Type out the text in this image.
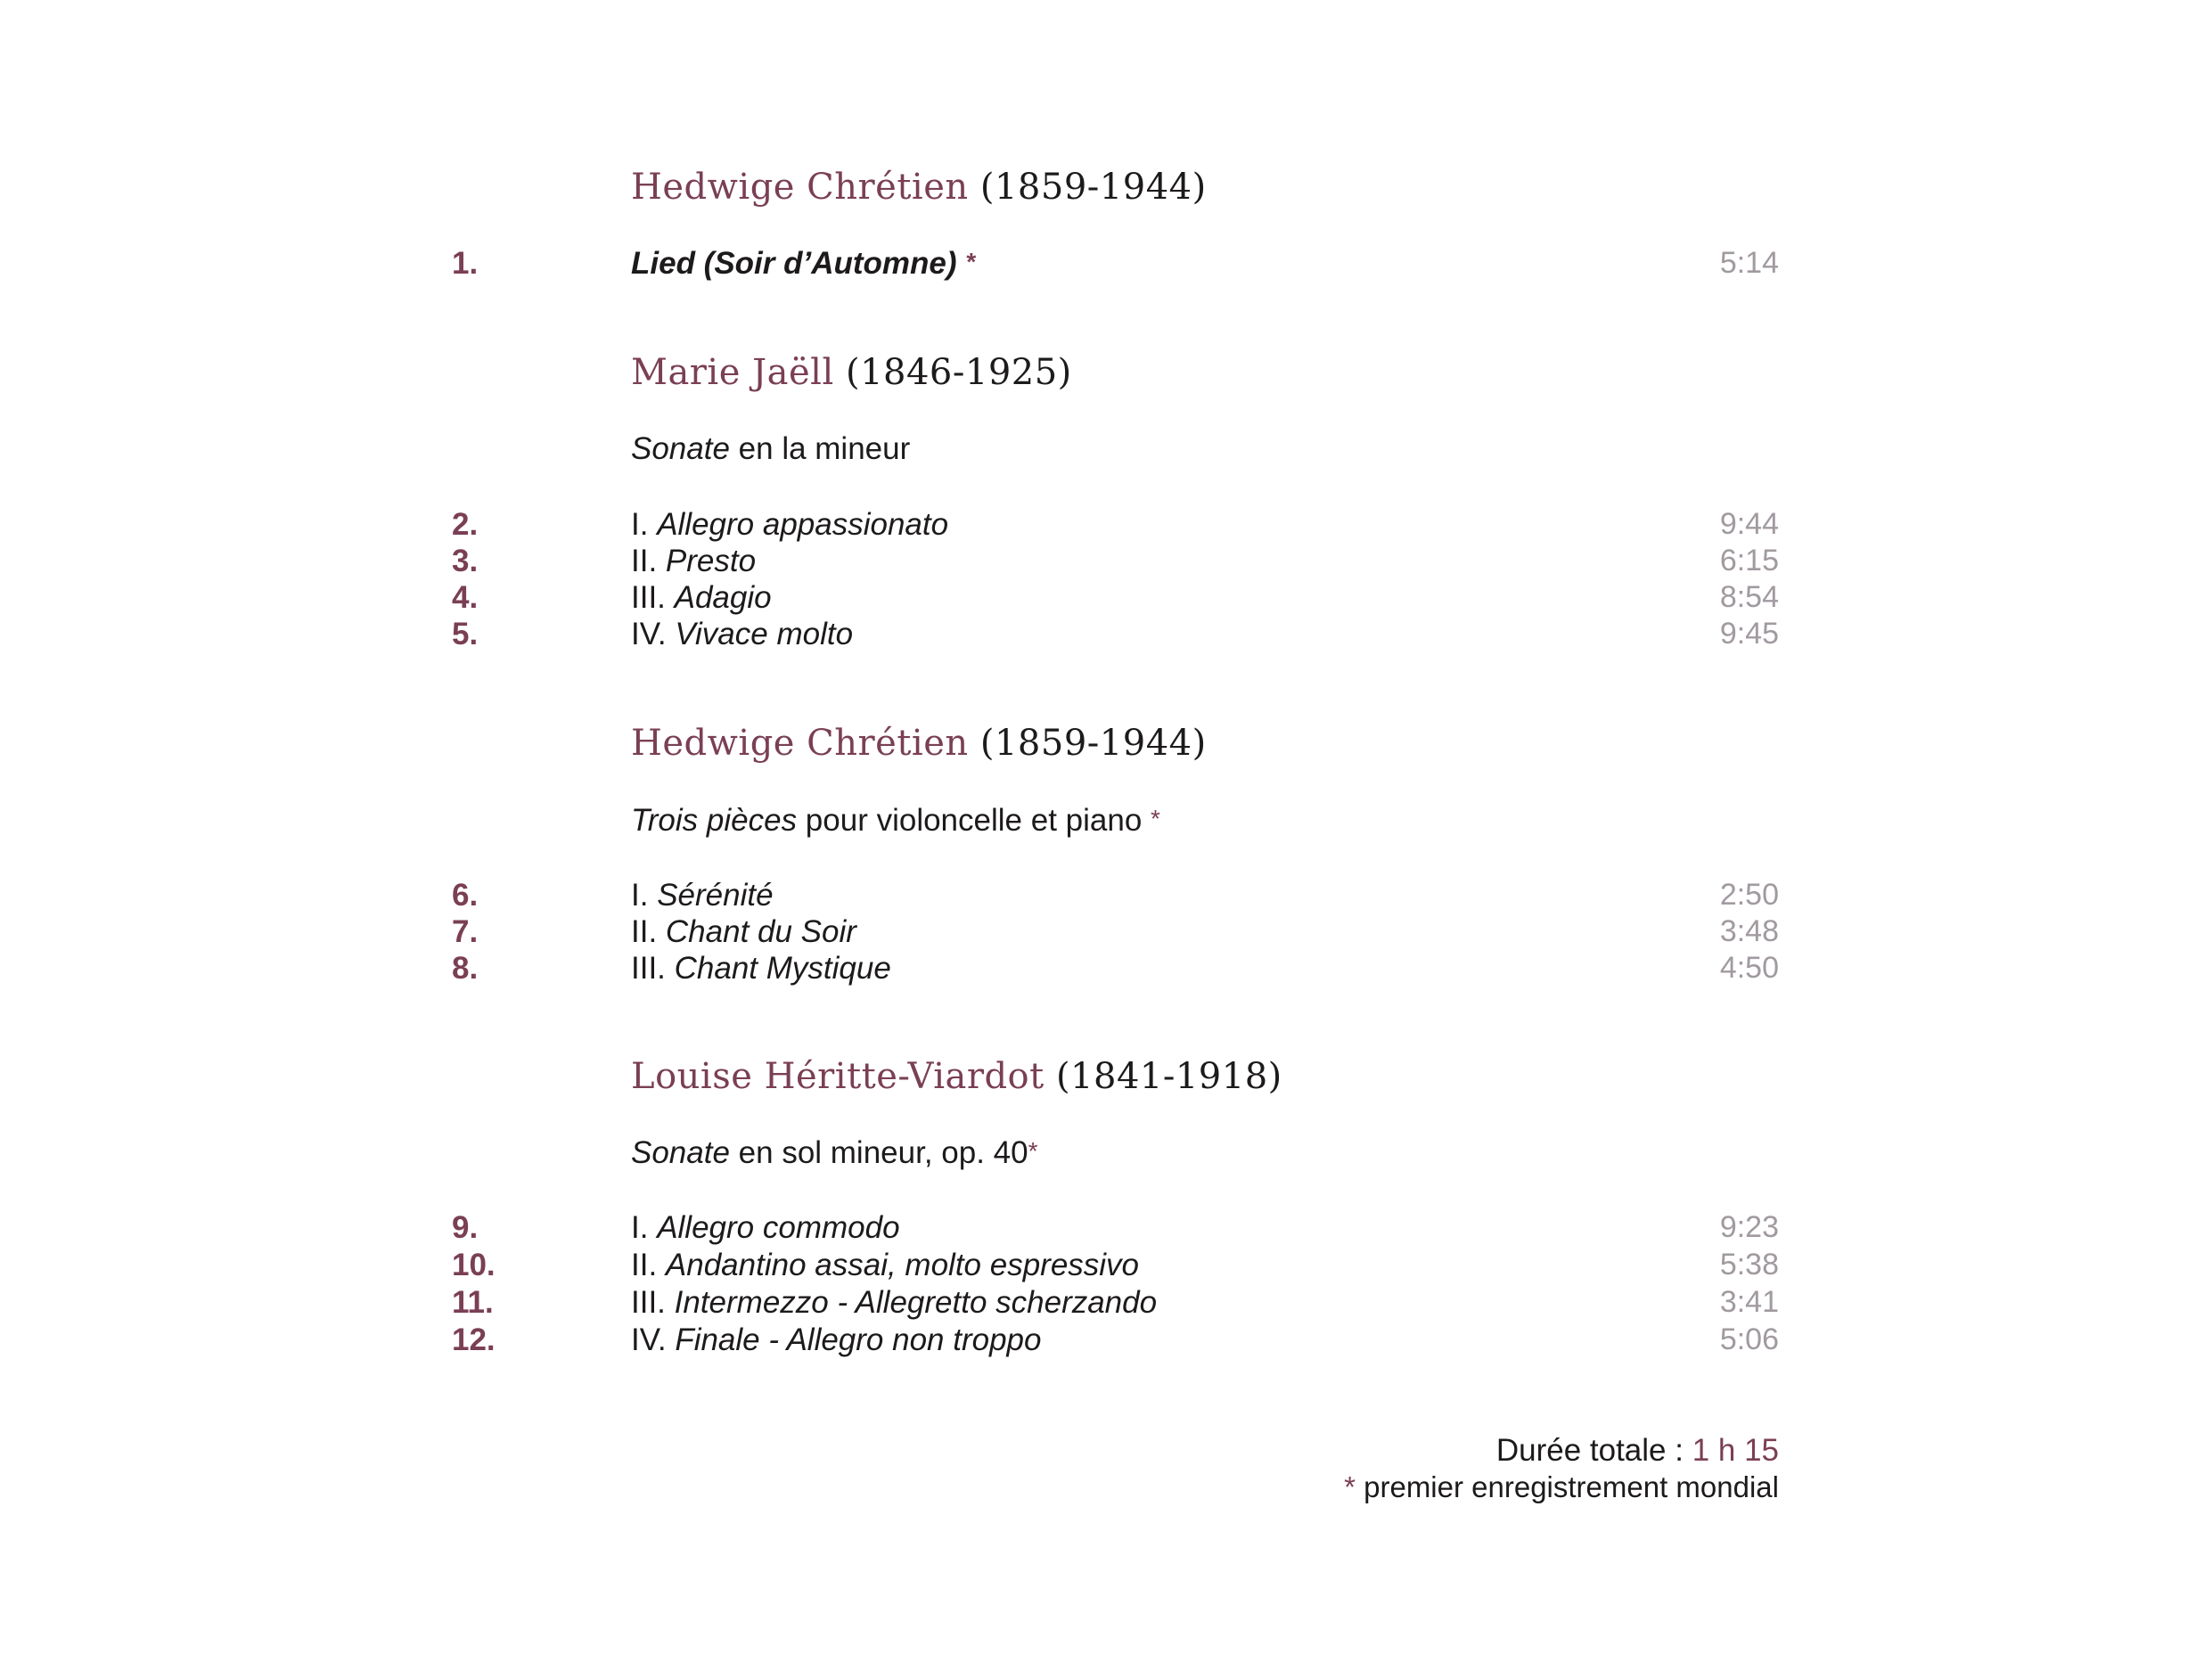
Hedwige Chrétien (1859-1944)
1.	Lied (Soir d’Automne) *	5:14
Marie Jaëll (1846-1925)
Sonate en la mineur
2.	I. Allegro appassionato	9:44
3.	II. Presto	6:15
4.	III. Adagio	8:54
5.	IV. Vivace molto	9:45
Hedwige Chrétien (1859-1944)
Trois pièces pour violoncelle et piano *
6.	I. Sérénité	2:50
7.	II. Chant du Soir	3:48
8.	III. Chant Mystique	4:50
Louise Héritte-Viardot (1841-1918)
Sonate en sol mineur, op. 40*
9.	I. Allegro commodo	9:23
10.	II. Andantino assai, molto espressivo	5:38
11.	III. Intermezzo - Allegretto scherzando	3:41
12.	IV. Finale - Allegro non troppo	5:06
Durée totale : 1 h 15
* premier enregistrement mondial
